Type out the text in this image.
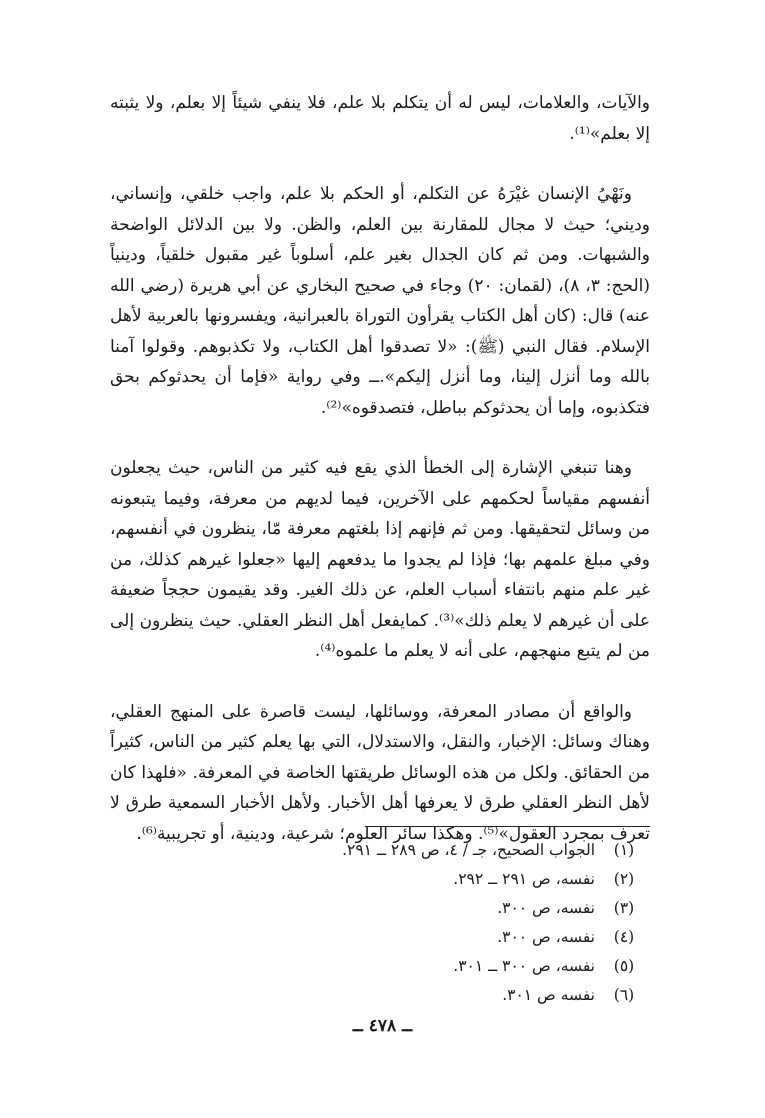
والآيات، والعلامات، ليس له أن يتكلم بلا علم، فلا ينفي شيئاً إلا بعلم، ولا يثبته إلا بعلم»⁽¹⁾.

ونَهْيُ الإنسان غيْرَهُ عن التكلم، أو الحكم بلا علم، واجب خلقي، وإنساني، وديني؛ حيث لا مجال للمقارنة بين العلم، والظن. ولا بين الدلائل الواضحة والشبهات. ومن ثم كان الجدال بغير علم، أسلوباً غير مقبول خلقياً، ودينياً (الحج: ٣، ٨)، (لقمان: ٢٠) وجاء في صحيح البخاري عن أبي هريرة (رضي الله عنه) قال: (كان أهل الكتاب يقرأون التوراة بالعبرانية، ويفسرونها بالعربية لأهل الإسلام. فقال النبي (ﷺ): «لا تصدقوا أهل الكتاب، ولا تكذبوهم. وقولوا آمنا بالله وما أنزل إلينا، وما أنزل إليكم».ــ وفي رواية «فإما أن يحدثوكم بحق فتكذبوه، وإما أن يحدثوكم بباطل، فتصدقوه»⁽²⁾.

وهنا تنبغي الإشارة إلى الخطأ الذي يقع فيه كثير من الناس، حيث يجعلون أنفسهم مقياساً لحكمهم على الآخرين، فيما لديهم من معرفة، وفيما يتبعونه من وسائل لتحقيقها. ومن ثم فإنهم إذا بلغتهم معرفة مّا، ينظرون في أنفسهم، وفي مبلغ علمهم بها؛ فإذا لم يجدوا ما يدفعهم إليها «جعلوا غيرهم كذلك، من غير علم منهم بانتفاء أسباب العلم، عن ذلك الغير. وقد يقيمون حججاً ضعيفة على أن غيرهم لا يعلم ذلك»⁽³⁾. كمايفعل أهل النظر العقلي. حيث ينظرون إلى من لم يتبع منهجهم، على أنه لا يعلم ما علموه⁽⁴⁾.

والواقع أن مصادر المعرفة، ووسائلها، ليست قاصرة على المنهج العقلي، وهناك وسائل: الإخبار، والنقل، والاستدلال، التي بها يعلم كثير من الناس، كثيراً من الحقائق. ولكل من هذه الوسائل طريقتها الخاصة في المعرفة. «فلهذا كان لأهل النظر العقلي طرق لا يعرفها أهل الأخبار. ولأهل الأخبار السمعية طرق لا تعرف بمجرد العقول»⁽⁵⁾. وهكذا سائر العلوم؛ شرعية، ودينية، أو تجريبية⁽⁶⁾.

(١)
الجواب الصحيح، جـ / ٤، ص ٢٨٩ ــ ٢٩١.

(٢)
نفسه، ص ٢٩١ ــ ٢٩٢.

(٣)
نفسه، ص ٣٠٠.

(٤)
نفسه، ص ٣٠٠.

(٥)
نفسه، ص ٣٠٠ ــ ٣٠١.

(٦)
نفسه ص ٣٠١.

ــ ٤٧٨ ــ
